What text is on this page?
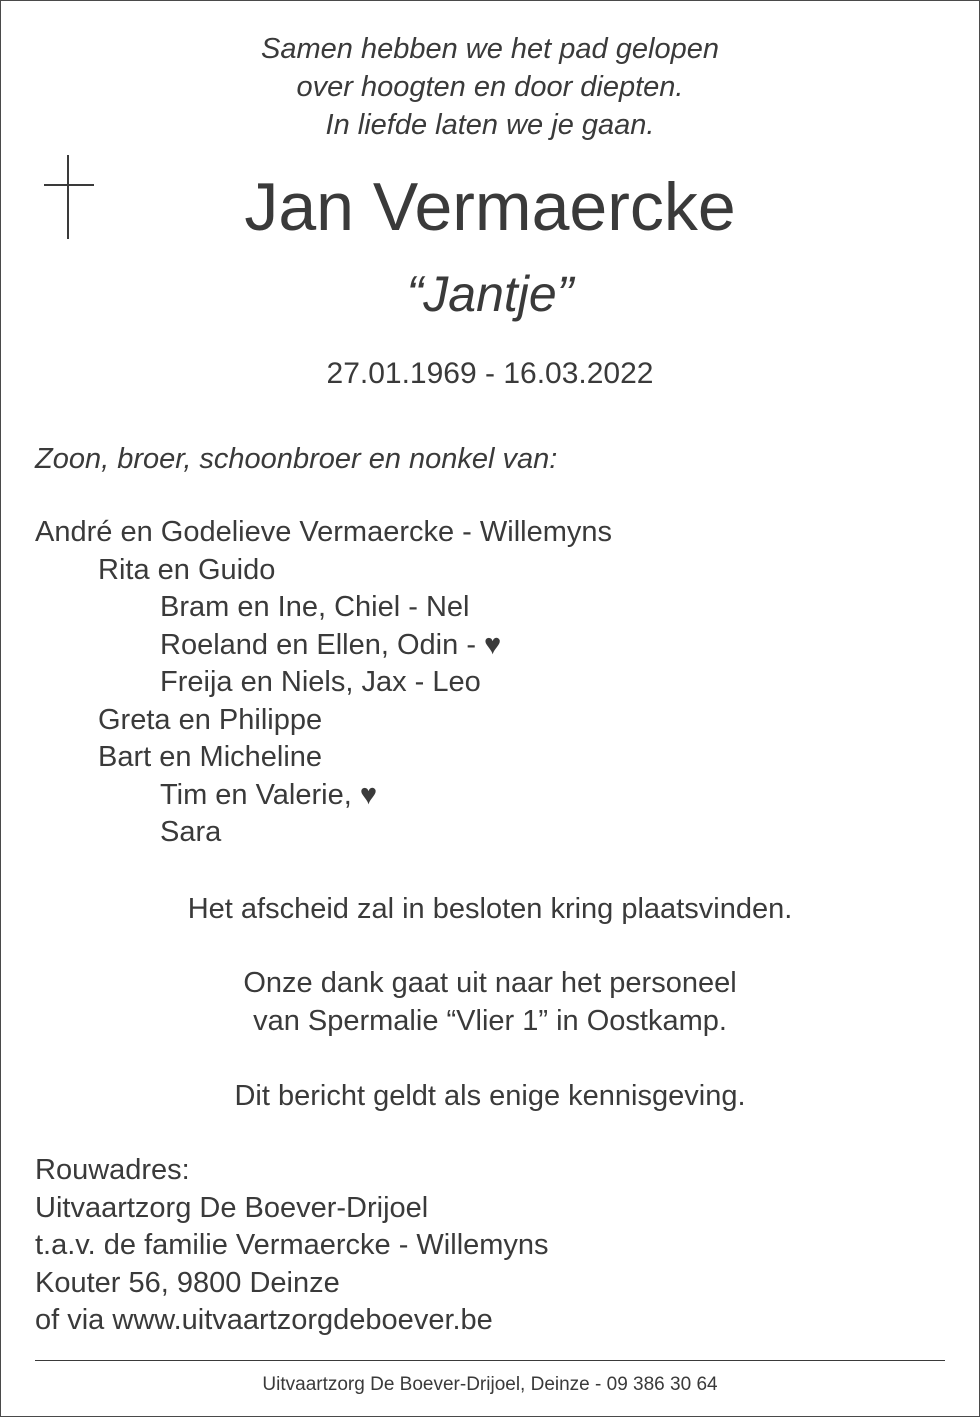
Samen hebben we het pad gelopen
over hoogten en door diepten.
In liefde laten we je gaan.
Jan Vermaercke
“Jantje”
27.01.1969 - 16.03.2022
Zoon, broer, schoonbroer en nonkel van:
André en Godelieve Vermaercke - Willemyns
Rita en Guido
Bram en Ine, Chiel - Nel
Roeland en Ellen, Odin - ♥
Freija en Niels, Jax - Leo
Greta en Philippe
Bart en Micheline
Tim en Valerie, ♥
Sara
Het afscheid zal in besloten kring plaatsvinden.
Onze dank gaat uit naar het personeel
van Spermalie “Vlier 1” in Oostkamp.
Dit bericht geldt als enige kennisgeving.
Rouwadres:
Uitvaartzorg De Boever-Drijoel
t.a.v. de familie Vermaercke - Willemyns
Kouter 56, 9800 Deinze
of via www.uitvaartzorgdeboever.be
Uitvaartzorg De Boever-Drijoel, Deinze - 09 386 30 64
